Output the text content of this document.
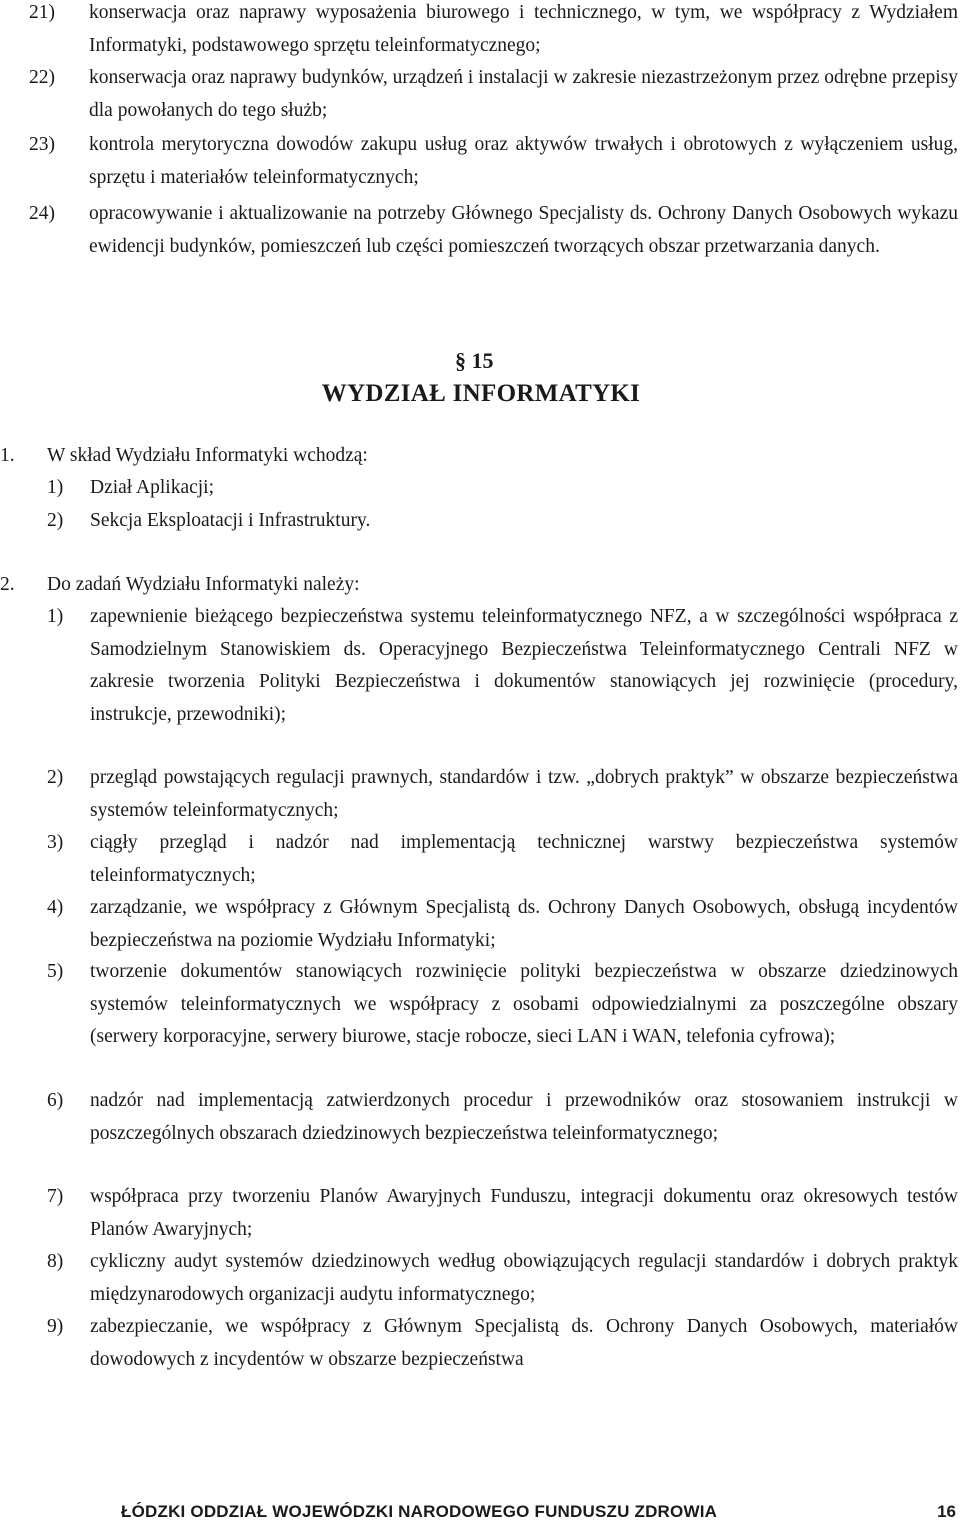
21) konserwacja oraz naprawy wyposażenia biurowego i technicznego, w tym, we współpracy z Wydziałem Informatyki, podstawowego sprzętu teleinformatycznego;
22) konserwacja oraz naprawy budynków, urządzeń i instalacji w zakresie niezastrzeżonym przez odrębne przepisy dla powołanych do tego służb;
23) kontrola merytoryczna dowodów zakupu usług oraz aktywów trwałych i obrotowych z wyłączeniem usług, sprzętu i materiałów teleinformatycznych;
24) opracowywanie i aktualizowanie na potrzeby Głównego Specjalisty ds. Ochrony Danych Osobowych wykazu ewidencji budynków, pomieszczeń lub części pomieszczeń tworzących obszar przetwarzania danych.
§ 15
WYDZIAŁ INFORMATYKI
1. W skład Wydziału Informatyki wchodzą:
1) Dział Aplikacji;
2) Sekcja Eksploatacji i Infrastruktury.
2. Do zadań Wydziału Informatyki należy:
1) zapewnienie bieżącego bezpieczeństwa systemu teleinformatycznego NFZ, a w szczególności współpraca z Samodzielnym Stanowiskiem ds. Operacyjnego Bezpieczeństwa Teleinformatycznego Centrali NFZ w zakresie tworzenia Polityki Bezpieczeństwa i dokumentów stanowiących jej rozwinięcie (procedury, instrukcje, przewodniki);
2) przegląd powstających regulacji prawnych, standardów i tzw. „dobrych praktyk” w obszarze bezpieczeństwa systemów teleinformatycznych;
3) ciągły przegląd i nadzór nad implementacją technicznej warstwy bezpieczeństwa systemów teleinformatycznych;
4) zarządzanie, we współpracy z Głównym Specjalistą ds. Ochrony Danych Osobowych, obsługą incydentów bezpieczeństwa na poziomie Wydziału Informatyki;
5) tworzenie dokumentów stanowiących rozwinięcie polityki bezpieczeństwa w obszarze dziedzinowych systemów teleinformatycznych we współpracy z osobami odpowiedzialnymi za poszczególne obszary (serwery korporacyjne, serwery biurowe, stacje robocze, sieci LAN i WAN, telefonia cyfrowa);
6) nadzór nad implementacją zatwierdzonych procedur i przewodników oraz stosowaniem instrukcji w poszczególnych obszarach dziedzinowych bezpieczeństwa teleinformatycznego;
7) współpraca przy tworzeniu Planów Awaryjnych Funduszu, integracji dokumentu oraz okresowych testów Planów Awaryjnych;
8) cykliczny audyt systemów dziedzinowych według obowiązujących regulacji standardów i dobrych praktyk międzynarodowych organizacji audytu informatycznego;
9) zabezpieczanie, we współpracy z Głównym Specjalistą ds. Ochrony Danych Osobowych, materiałów dowodowych z incydentów w obszarze bezpieczeństwa
ŁÓDZKI ODDZIAŁ WOJEWÓDZKI NARODOWEGO FUNDUSZU ZDROWIA	16
